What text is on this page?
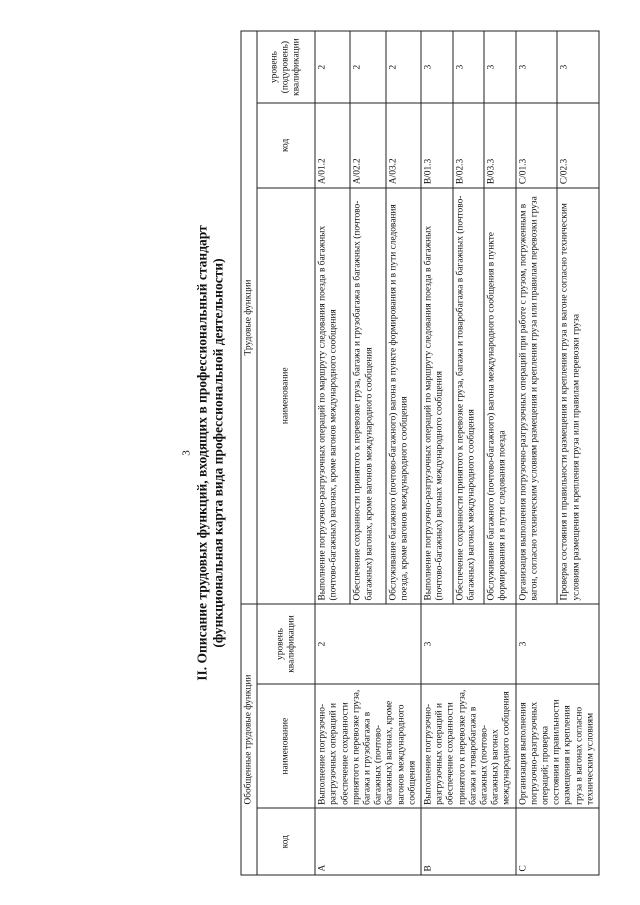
3 II. Описание трудовых функций, входящих в профессиональный стандарт (функциональная карта вида профессиональной деятельности)
Обобщенные трудовые функции			Трудовые функции		
код	наименование	уровень квалификации	наименование	код	уровень (подуровень) квалификации
A	Выполнение погрузочно-разгрузочных операций и обеспечение сохранности принятого к перевозке груза, багажа и грузобагажа в багажных (почтово-багажных) вагонах, кроме вагонов международного сообщения	2	Выполнение погрузочно-разгрузочных операций по маршруту следования поезда в багажных (почтово-багажных) вагонах, кроме вагонов международного сообщения	A/01.2	2
			Обеспечение сохранности принятого к перевозке груза, багажа и грузобагажа в багажных (почтово-багажных) вагонах, кроме вагонов международного сообщения	A/02.2	2
			Обслуживание багажного (почтово-багажного) вагона в пункте формирования и в пути следования поезда, кроме вагонов международного сообщения	A/03.2	2
B	Выполнение погрузочно-разгрузочных операций и обеспечение сохранности принятого к перевозке груза, багажа и товаробагажа в багажных (почтово-багажных) вагонах международного сообщения	3	Выполнение погрузочно-разгрузочных операций по маршруту следования поезда в багажных (почтово-багажных) вагонах международного сообщения	B/01.3	3
			Обеспечение сохранности принятого к перевозке груза, багажа и товаробагажа в багажных (почтово-багажных) вагонах международного сообщения	B/02.3	3
			Обслуживание багажного (почтово-багажного) вагона международного сообщения в пункте формирования и в пути следования поезда	B/03.3	3
C	Организация выполнения погрузочно-разгрузочных операций; проверка состояния и правильности размещения и крепления груза в вагонах согласно техническим условиям	3	Организация выполнения погрузочно-разгрузочных операций при работе с грузом, погруженным в вагон, согласно техническим условиям размещения и крепления груза или правилам перевозки груза	C/01.3	3
			Проверка состояния и правильности размещения и крепления груза в вагоне согласно техническим условиям размещения и крепления груза или правилам перевозки груза	C/02.3	3
